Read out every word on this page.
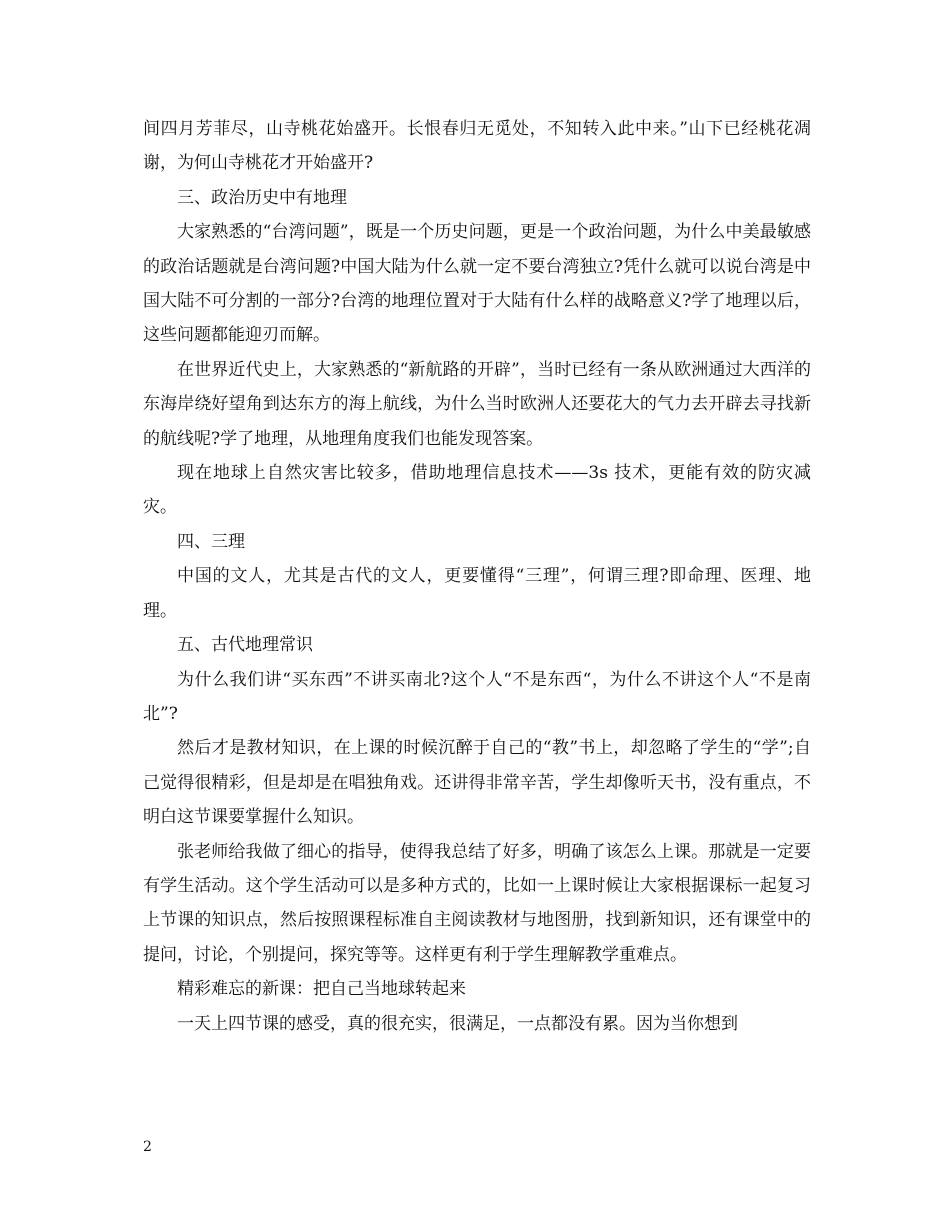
间四月芳菲尽，山寺桃花始盛开。长恨春归无觅处，不知转入此中来。”山下已经桃花凋谢，为何山寺桃花才开始盛开?

三、政治历史中有地理

大家熟悉的“台湾问题”，既是一个历史问题，更是一个政治问题，为什么中美最敏感的政治话题就是台湾问题?中国大陆为什么就一定不要台湾独立?凭什么就可以说台湾是中国大陆不可分割的一部分?台湾的地理位置对于大陆有什么样的战略意义?学了地理以后，这些问题都能迎刃而解。

在世界近代史上，大家熟悉的“新航路的开辟”，当时已经有一条从欧洲通过大西洋的东海岸绕好望角到达东方的海上航线，为什么当时欧洲人还要花大的气力去开辟去寻找新的航线呢?学了地理，从地理角度我们也能发现答案。

现在地球上自然灾害比较多，借助地理信息技术——3s 技术，更能有效的防灾减灾。

四、三理

中国的文人，尤其是古代的文人，更要懂得“三理”，何谓三理?即命理、医理、地理。

五、古代地理常识

为什么我们讲“买东西”不讲买南北?这个人“不是东西“，为什么不讲这个人“不是南北”?

然后才是教材知识，在上课的时候沉醉于自己的“教”书上，却忽略了学生的“学”;自己觉得很精彩，但是却是在唱独角戏。还讲得非常辛苦，学生却像听天书，没有重点，不明白这节课要掌握什么知识。

张老师给我做了细心的指导，使得我总结了好多，明确了该怎么上课。那就是一定要有学生活动。这个学生活动可以是多种方式的，比如一上课时候让大家根据课标一起复习上节课的知识点，然后按照课程标准自主阅读教材与地图册，找到新知识，还有课堂中的提问，讨论，个别提问，探究等等。这样更有利于学生理解教学重难点。

精彩难忘的新课：把自己当地球转起来

一天上四节课的感受，真的很充实，很满足，一点都没有累。因为当你想到

2
